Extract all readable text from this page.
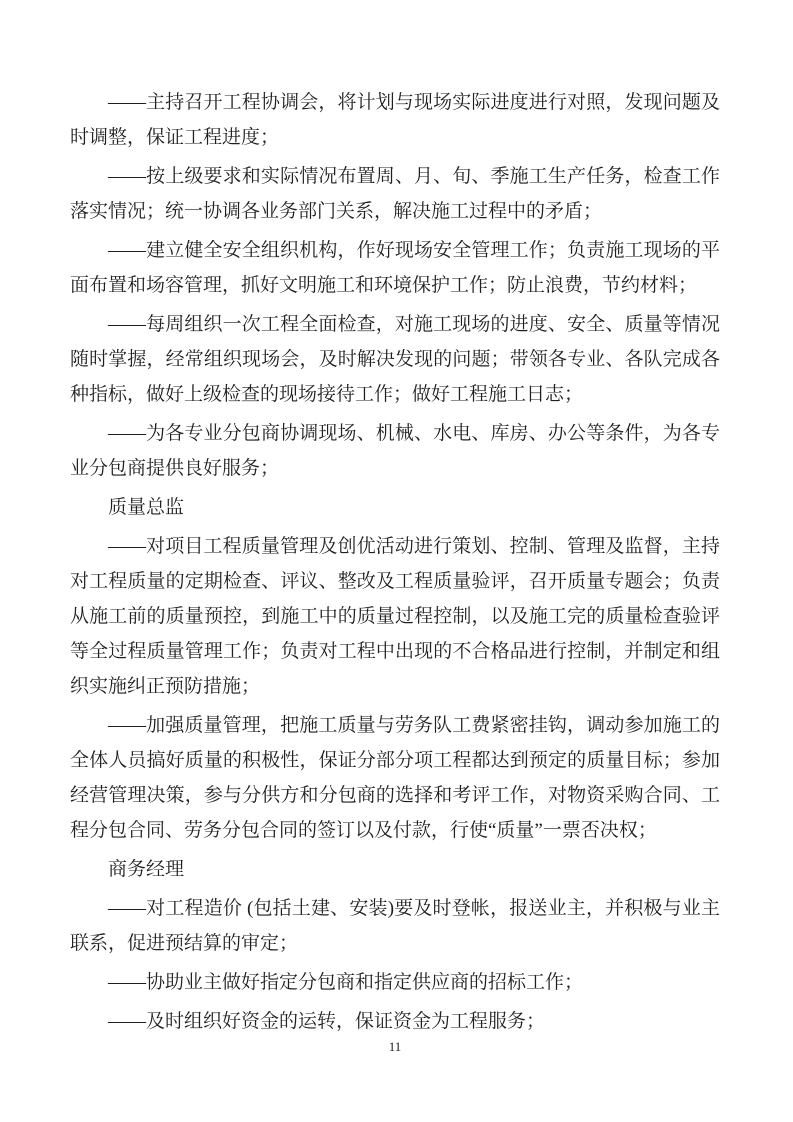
——主持召开工程协调会，将计划与现场实际进度进行对照，发现问题及时调整，保证工程进度；

——按上级要求和实际情况布置周、月、旬、季施工生产任务，检查工作落实情况；统一协调各业务部门关系，解决施工过程中的矛盾；

——建立健全安全组织机构，作好现场安全管理工作；负责施工现场的平面布置和场容管理，抓好文明施工和环境保护工作；防止浪费，节约材料；

——每周组织一次工程全面检查，对施工现场的进度、安全、质量等情况随时掌握，经常组织现场会，及时解决发现的问题；带领各专业、各队完成各种指标，做好上级检查的现场接待工作；做好工程施工日志；

——为各专业分包商协调现场、机械、水电、库房、办公等条件，为各专业分包商提供良好服务；

质量总监

——对项目工程质量管理及创优活动进行策划、控制、管理及监督，主持对工程质量的定期检查、评议、整改及工程质量验评，召开质量专题会；负责从施工前的质量预控，到施工中的质量过程控制，以及施工完的质量检查验评等全过程质量管理工作；负责对工程中出现的不合格品进行控制，并制定和组织实施纠正预防措施；

——加强质量管理，把施工质量与劳务队工费紧密挂钩，调动参加施工的全体人员搞好质量的积极性，保证分部分项工程都达到预定的质量目标；参加经营管理决策，参与分供方和分包商的选择和考评工作，对物资采购合同、工程分包合同、劳务分包合同的签订以及付款，行使“质量”一票否决权；

商务经理

——对工程造价 (包括土建、安装)要及时登帐，报送业主，并积极与业主联系，促进预结算的审定；

——协助业主做好指定分包商和指定供应商的招标工作；

——及时组织好资金的运转，保证资金为工程服务；

11
